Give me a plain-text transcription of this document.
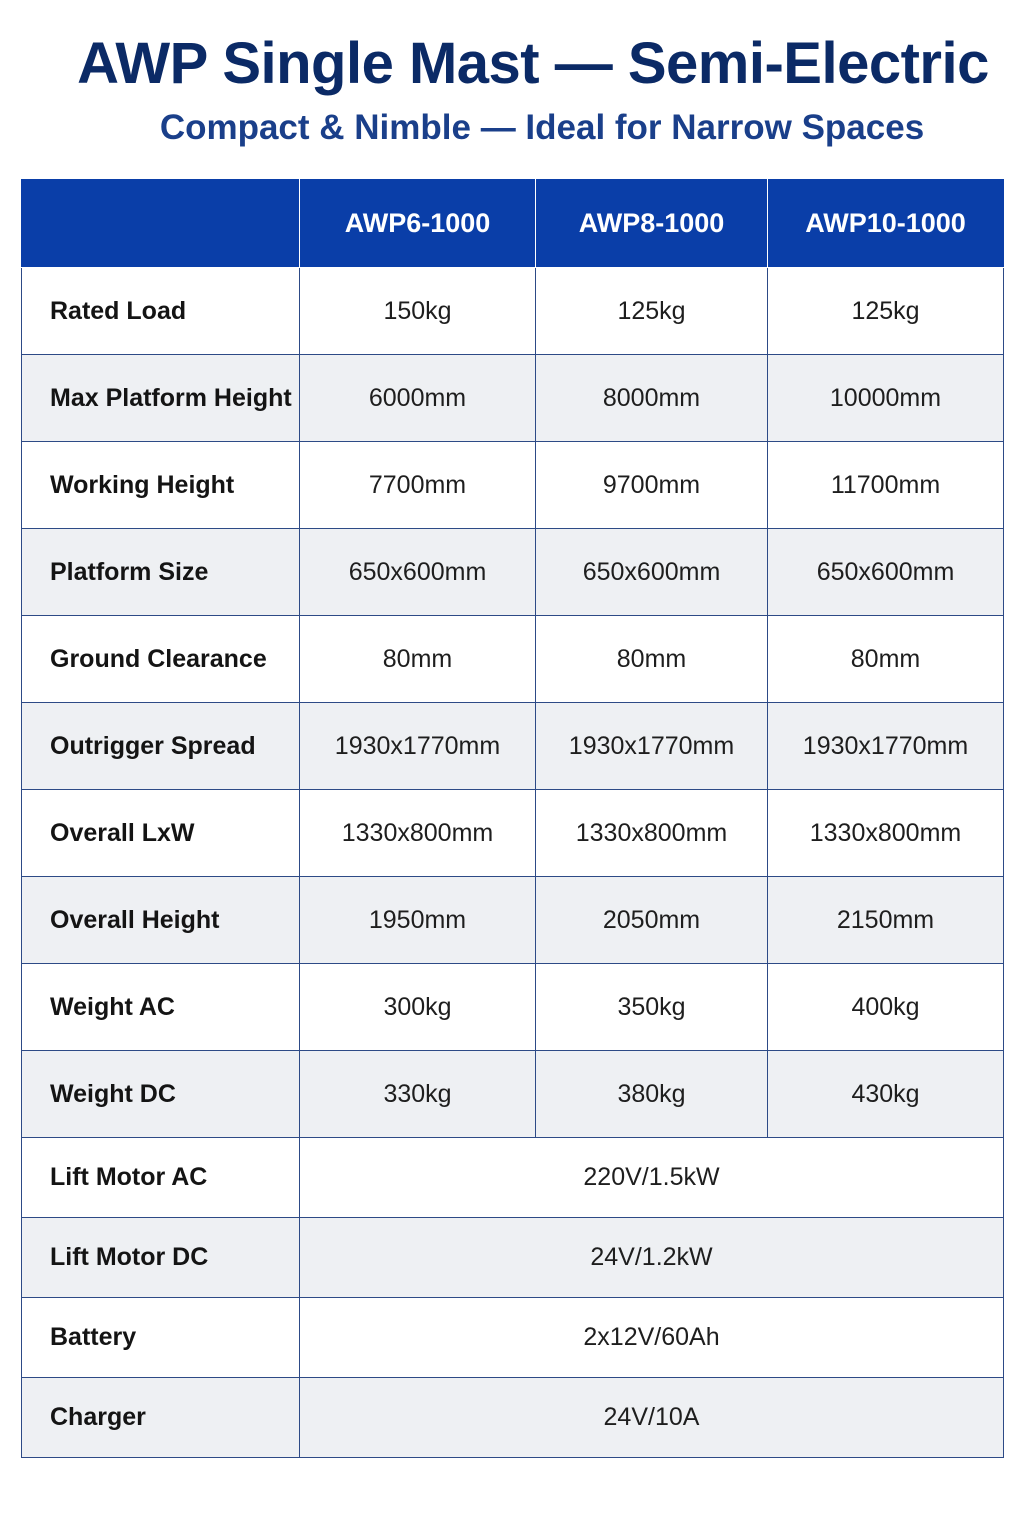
AWP Single Mast — Semi-Electric
Compact & Nimble — Ideal for Narrow Spaces
	AWP6-1000	AWP8-1000	AWP10-1000
Rated Load	150kg	125kg	125kg
Max Platform Height	6000mm	8000mm	10000mm
Working Height	7700mm	9700mm	11700mm
Platform Size	650x600mm	650x600mm	650x600mm
Ground Clearance	80mm	80mm	80mm
Outrigger Spread	1930x1770mm	1930x1770mm	1930x1770mm
Overall LxW	1330x800mm	1330x800mm	1330x800mm
Overall Height	1950mm	2050mm	2150mm
Weight AC	300kg	350kg	400kg
Weight DC	330kg	380kg	430kg
Lift Motor AC	220V/1.5kW		
Lift Motor DC	24V/1.2kW		
Battery	2x12V/60Ah		
Charger	24V/10A		
